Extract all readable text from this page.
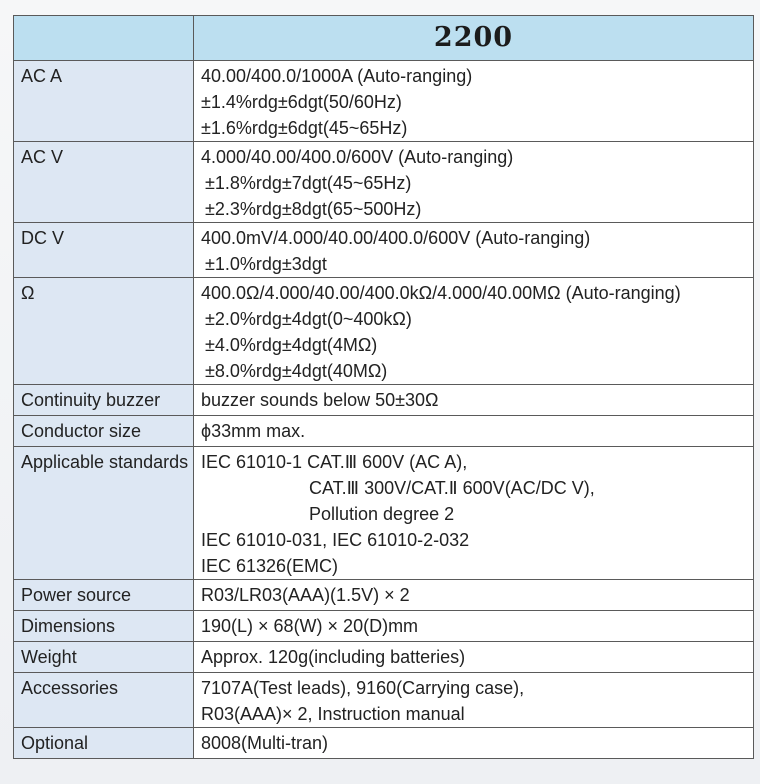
	2200
AC A	40.00/400.0/1000A (Auto-ranging)
±1.4%rdg±6dgt(50/60Hz)
±1.6%rdg±6dgt(45~65Hz)

AC V	4.000/40.00/400.0/600V (Auto-ranging)
±1.8%rdg±7dgt(45~65Hz)
±2.3%rdg±8dgt(65~500Hz)

DC V	400.0mV/4.000/40.00/400.0/600V (Auto-ranging)
±1.0%rdg±3dgt

Ω	400.0Ω/4.000/40.00/400.0kΩ/4.000/40.00MΩ (Auto-ranging)
±2.0%rdg±4dgt(0~400kΩ)
±4.0%rdg±4dgt(4MΩ)
±8.0%rdg±4dgt(40MΩ)

Continuity buzzer	buzzer sounds below 50±30Ω

Conductor size	ϕ33mm max.

Applicable standards	IEC 61010-1 CAT.Ⅲ 600V (AC A),
CAT.Ⅲ 300V/CAT.Ⅱ 600V(AC/DC V),
Pollution degree 2
IEC 61010-031, IEC 61010-2-032
IEC 61326(EMC)

Power source	R03/LR03(AAA)(1.5V) × 2

Dimensions	190(L) × 68(W) × 20(D)mm

Weight	Approx. 120g(including batteries)

Accessories	7107A(Test leads), 9160(Carrying case),
R03(AAA)× 2, Instruction manual

Optional	8008(Multi-tran)
